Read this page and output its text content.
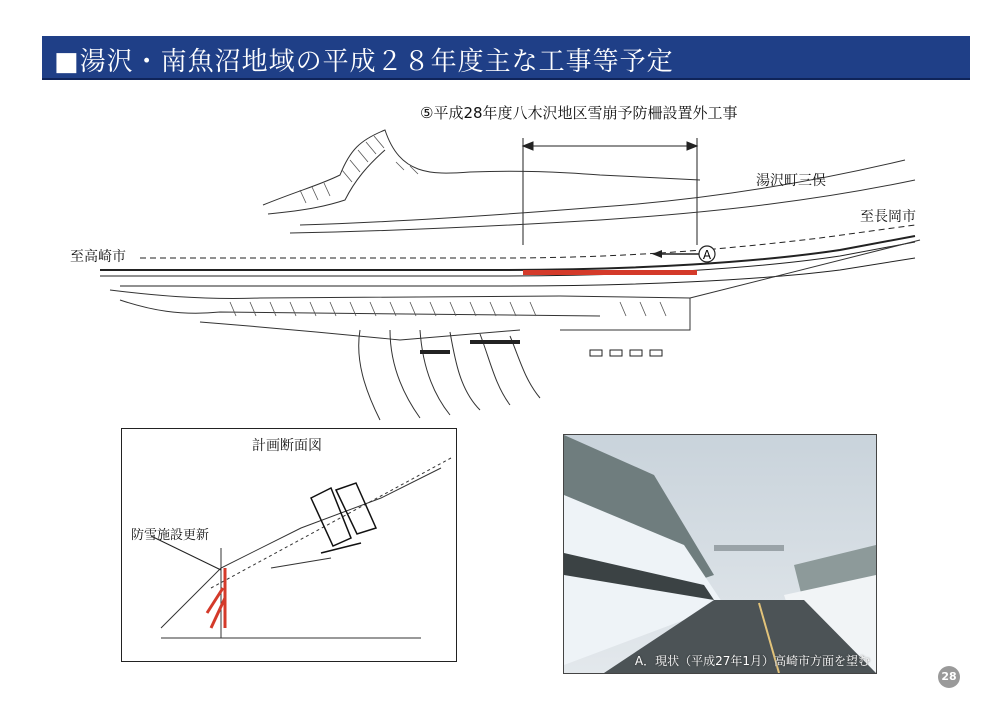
■湯沢・南魚沼地域の平成２８年度主な工事等予定
⑤平成28年度八木沢地区雪崩予防柵設置外工事
A
湯沢町三俣
至長岡市
至高崎市
計画断面図
防雪施設更新
A．現状（平成27年1月）高崎市方面を望む
28
